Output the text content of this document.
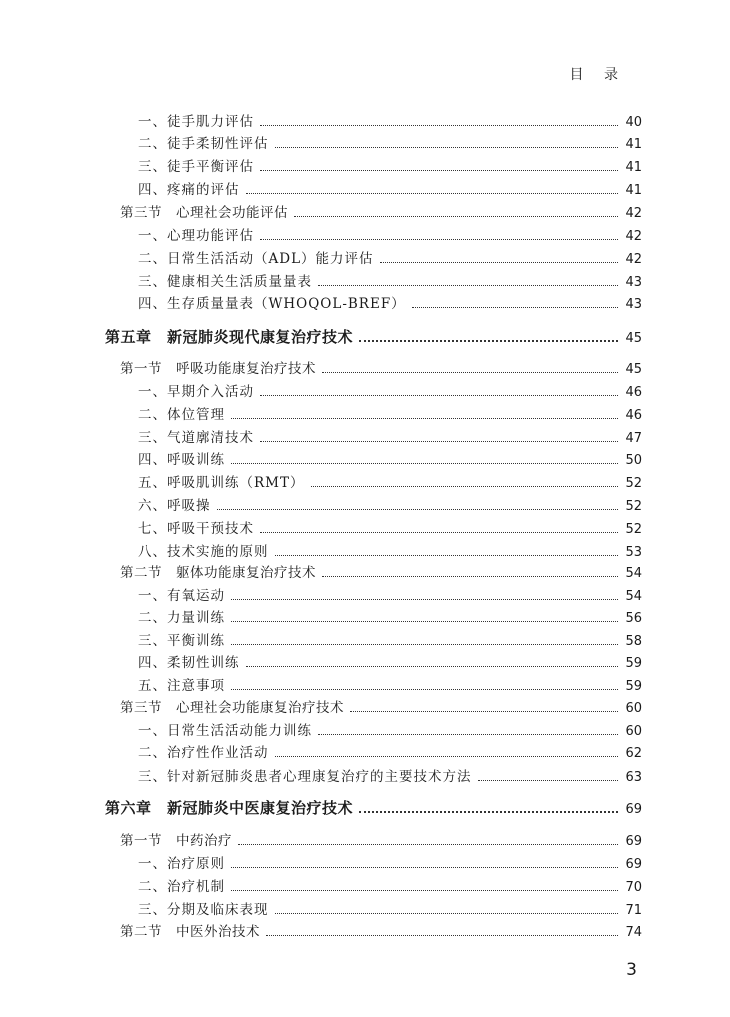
目 录
一、徒手肌力评估	40
二、徒手柔韧性评估	41
三、徒手平衡评估	41
四、疼痛的评估	41
第三节　心理社会功能评估	42
一、心理功能评估	42
二、日常生活活动（ADL）能力评估	42
三、健康相关生活质量量表	43
四、生存质量量表（WHOQOL-BREF）	43
第五章　新冠肺炎现代康复治疗技术	45
第一节　呼吸功能康复治疗技术	45
一、早期介入活动	46
二、体位管理	46
三、气道廓清技术	47
四、呼吸训练	50
五、呼吸肌训练（RMT）	52
六、呼吸操	52
七、呼吸干预技术	52
八、技术实施的原则	53
第二节　躯体功能康复治疗技术	54
一、有氧运动	54
二、力量训练	56
三、平衡训练	58
四、柔韧性训练	59
五、注意事项	59
第三节　心理社会功能康复治疗技术	60
一、日常生活活动能力训练	60
二、治疗性作业活动	62
三、针对新冠肺炎患者心理康复治疗的主要技术方法	63
第六章　新冠肺炎中医康复治疗技术	69
第一节　中药治疗	69
一、治疗原则	69
二、治疗机制	70
三、分期及临床表现	71
第二节　中医外治技术	74
3
